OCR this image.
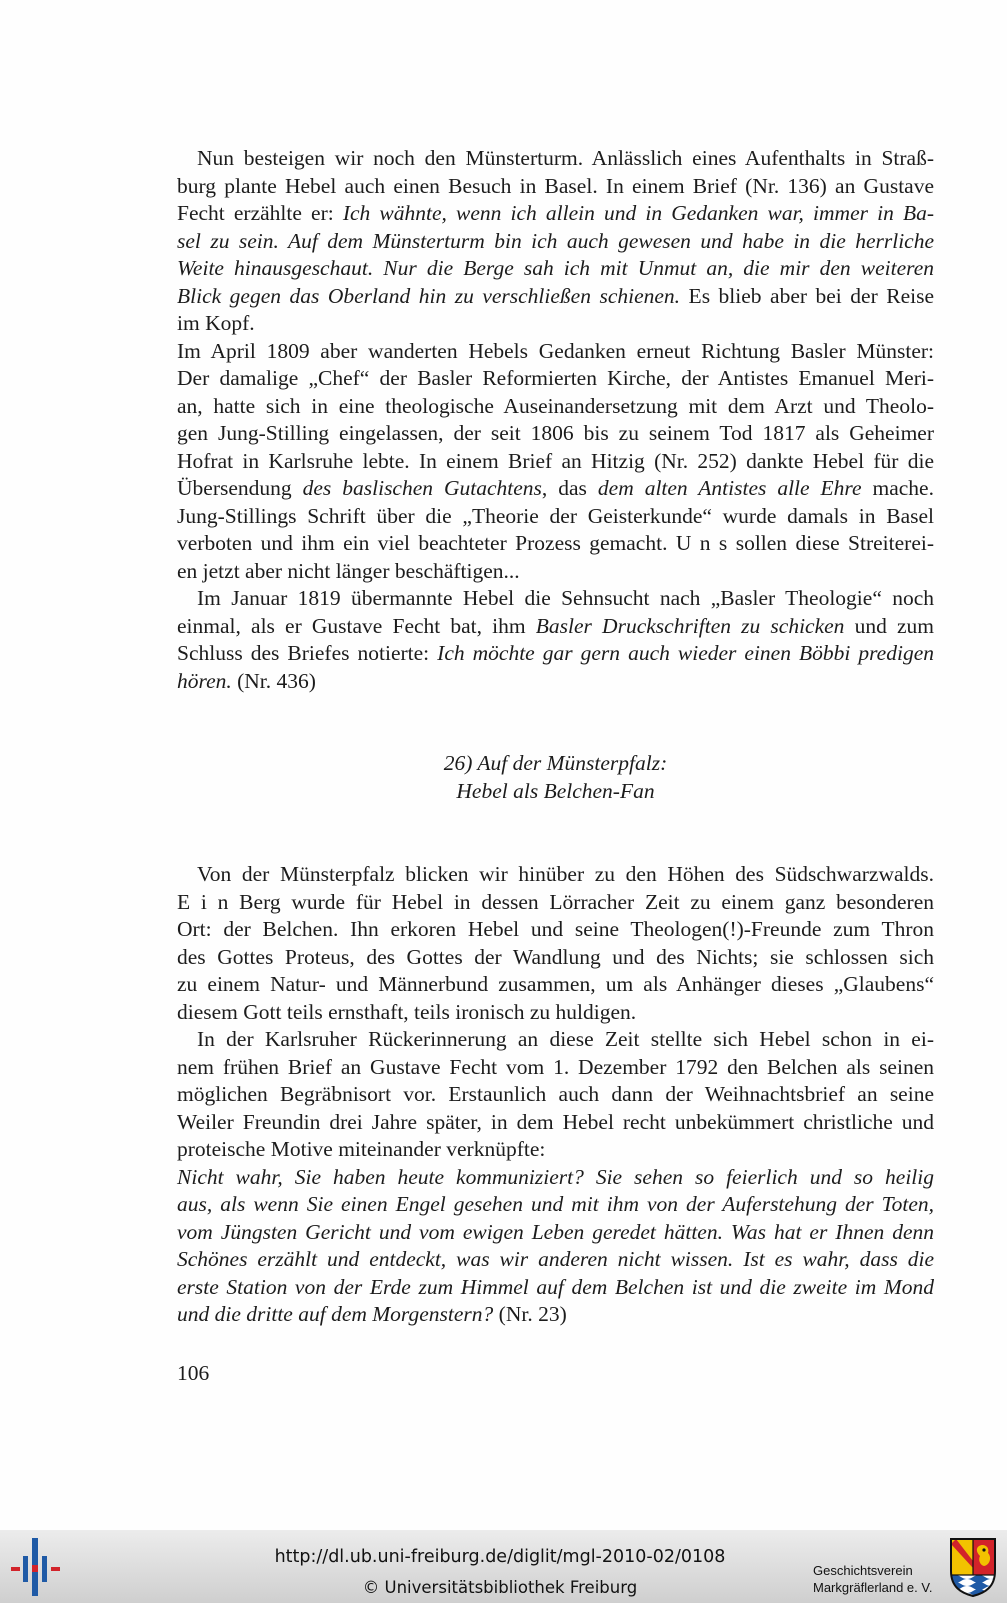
Nun besteigen wir noch den Münsterturm. Anlässlich eines Aufenthalts in Straß-
burg plante Hebel auch einen Besuch in Basel. In einem Brief (Nr. 136) an Gustave
Fecht erzählte er: Ich wähnte, wenn ich allein und in Gedanken war, immer in Ba-
sel zu sein. Auf dem Münsterturm bin ich auch gewesen und habe in die herrliche
Weite hinausgeschaut. Nur die Berge sah ich mit Unmut an, die mir den weiteren
Blick gegen das Oberland hin zu verschließen schienen. Es blieb aber bei der Reise
im Kopf.
Im April 1809 aber wanderten Hebels Gedanken erneut Richtung Basler Münster:
Der damalige „Chef“ der Basler Reformierten Kirche, der Antistes Emanuel Meri-
an, hatte sich in eine theologische Auseinandersetzung mit dem Arzt und Theolo-
gen Jung-Stilling eingelassen, der seit 1806 bis zu seinem Tod 1817 als Geheimer
Hofrat in Karlsruhe lebte. In einem Brief an Hitzig (Nr. 252) dankte Hebel für die
Übersendung des baslischen Gutachtens, das dem alten Antistes alle Ehre mache.
Jung-Stillings Schrift über die „Theorie der Geisterkunde“ wurde damals in Basel
verboten und ihm ein viel beachteter Prozess gemacht. U n s sollen diese Streiterei-
en jetzt aber nicht länger beschäftigen...
Im Januar 1819 übermannte Hebel die Sehnsucht nach „Basler Theologie“ noch
einmal, als er Gustave Fecht bat, ihm Basler Druckschriften zu schicken und zum
Schluss des Briefes notierte: Ich möchte gar gern auch wieder einen Böbbi predigen
hören. (Nr. 436)
26) Auf der Münsterpfalz:
Hebel als Belchen-Fan
Von der Münsterpfalz blicken wir hinüber zu den Höhen des Südschwarzwalds.
E i n Berg wurde für Hebel in dessen Lörracher Zeit zu einem ganz besonderen
Ort: der Belchen. Ihn erkoren Hebel und seine Theologen(!)-Freunde zum Thron
des Gottes Proteus, des Gottes der Wandlung und des Nichts; sie schlossen sich
zu einem Natur- und Männerbund zusammen, um als Anhänger dieses „Glaubens“
diesem Gott teils ernsthaft, teils ironisch zu huldigen.
In der Karlsruher Rückerinnerung an diese Zeit stellte sich Hebel schon in ei-
nem frühen Brief an Gustave Fecht vom 1. Dezember 1792 den Belchen als seinen
möglichen Begräbnisort vor. Erstaunlich auch dann der Weihnachtsbrief an seine
Weiler Freundin drei Jahre später, in dem Hebel recht unbekümmert christliche und
proteische Motive miteinander verknüpfte:
Nicht wahr, Sie haben heute kommuniziert? Sie sehen so feierlich und so heilig
aus, als wenn Sie einen Engel gesehen und mit ihm von der Auferstehung der Toten,
vom Jüngsten Gericht und vom ewigen Leben geredet hätten. Was hat er Ihnen denn
Schönes erzählt und entdeckt, was wir anderen nicht wissen. Ist es wahr, dass die
erste Station von der Erde zum Himmel auf dem Belchen ist und die zweite im Mond
und die dritte auf dem Morgenstern? (Nr. 23)
106
http://dl.ub.uni-freiburg.de/diglit/mgl-2010-02/0108
© Universitätsbibliothek Freiburg
Geschichtsverein
Markgräflerland e. V.
